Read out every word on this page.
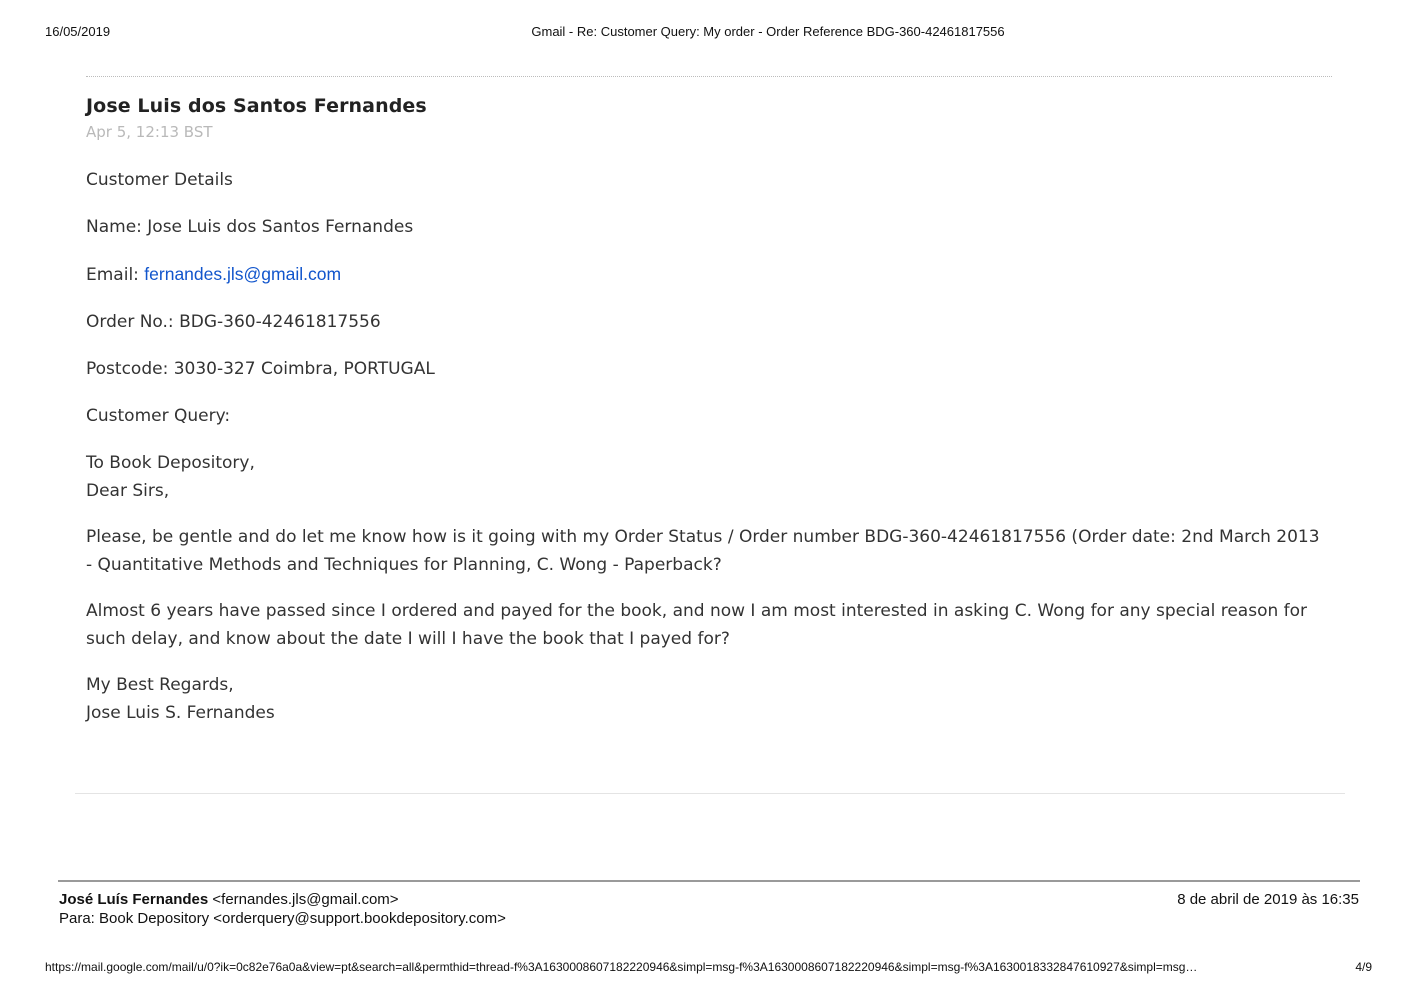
16/05/2019	Gmail - Re: Customer Query: My order - Order Reference BDG-360-42461817556

Jose Luis dos Santos Fernandes

Apr 5, 12:13 BST

Customer Details

Name: Jose Luis dos Santos Fernandes

Email: fernandes.jls@gmail.com

Order No.: BDG-360-42461817556

Postcode: 3030-327 Coimbra, PORTUGAL

Customer Query:

To Book Depository,
Dear Sirs,

Please, be gentle and do let me know how is it going with my Order Status / Order number BDG-360-42461817556 (Order date: 2nd March 2013 - Quantitative Methods and Techniques for Planning, C. Wong - Paperback?

Almost 6 years have passed since I ordered and payed for the book, and now I am most interested in asking C. Wong for any special reason for such delay, and know about the date I will I have the book that I payed for?

My Best Regards,
Jose Luis S. Fernandes

José Luís Fernandes <fernandes.jls@gmail.com>
Para: Book Depository <orderquery@support.bookdepository.com>
8 de abril de 2019 às 16:35
https://mail.google.com/mail/u/0?ik=0c82e76a0a&view=pt&search=all&permthid=thread-f%3A1630008607182220946&simpl=msg-f%3A1630008607182220946&simpl=msg-f%3A1630018332847610927&simpl=msg…	4/9
